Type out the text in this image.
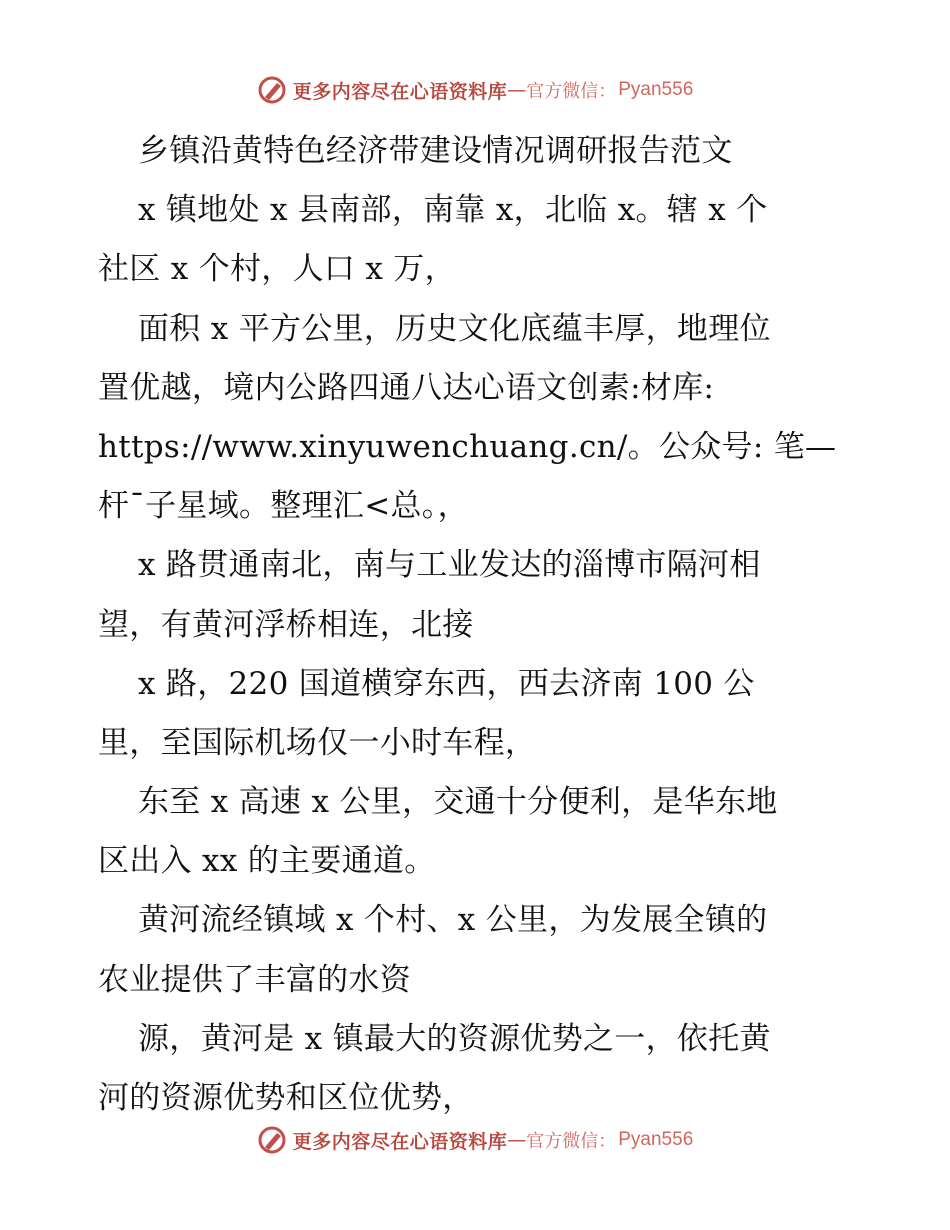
更多内容尽在心语资料库 — 官方微信： Pyan556
乡镇沿黄特色经济带建设情况调研报告范文
x 镇地处 x 县南部，南靠 x，北临 x。辖 x 个
社区 x 个村，人口 x 万，
面积 x 平方公里，历史文化底蕴丰厚，地理位
置优越，境内公路四通八达心语文创素:材库:
https://www.xinyuwenchuang.cn/。公众号: 笔—
杆¯子星域。整理汇<总。，
x 路贯通南北，南与工业发达的淄博市隔河相
望，有黄河浮桥相连，北接
x 路，220 国道横穿东西，西去济南 100 公
里，至国际机场仅一小时车程，
东至 x 高速 x 公里，交通十分便利，是华东地
区出入 xx 的主要通道。
黄河流经镇域 x 个村、x 公里，为发展全镇的
农业提供了丰富的水资
源，黄河是 x 镇最大的资源优势之一，依托黄
河的资源优势和区位优势，
更多内容尽在心语资料库 — 官方微信： Pyan556
